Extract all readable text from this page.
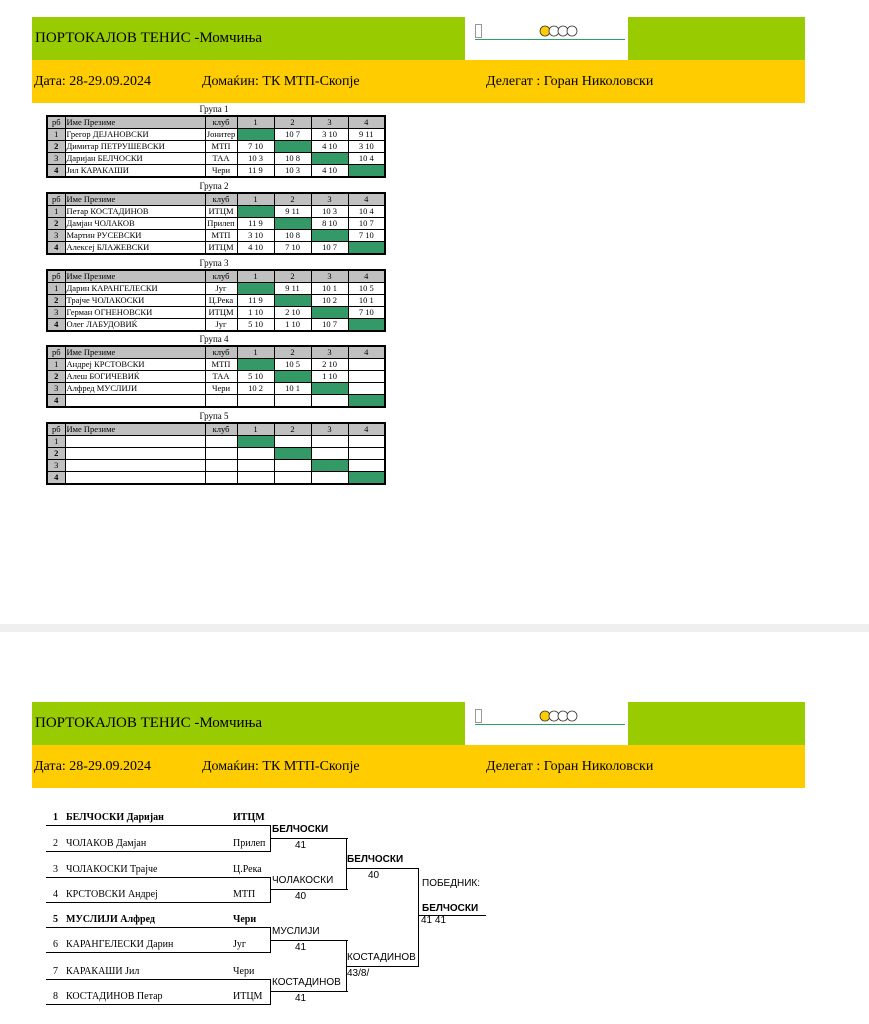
ПОРТОКАЛОВ ТЕНИС -Момчиња
Дата: 28-29.09.2024	Домаќин: ТК МТП-Скопје	Делегат : Горан Николовски
Група 1
рб	Име Презиме	клуб	1	2	3	4
1	Грегор ДЕЈАНОВСКИ	Јонитеp		10 7	3 10	9 11
2	Димитар ПЕТРУШЕВСКИ	МТП	7 10		4 10	3 10
3	Даријан БЕЛЧОСКИ	ТАА	10 3	10 8		10 4
4	Јил КАРАКАШИ	Чери	11 9	10 3	4 10	
Група 2
рб	Име Презиме	клуб	1	2	3	4
1	Петар КОСТАДИНОВ	ИТЦМ		9 11	10 3	10 4
2	Дамјан ЧОЛАКОВ	Прилеп	11 9		8 10	10 7
3	Мартин РУСЕВСКИ	МТП	3 10	10 8		7 10
4	Алексеј БЛАЖЕВСКИ	ИТЦМ	4 10	7 10	10 7	
Група 3
рб	Име Презиме	клуб	1	2	3	4
1	Дарин КАРАНГЕЛЕСКИ	Југ		9 11	10 1	10 5
2	Трајче ЧОЛАКОСКИ	Ц.Река	11 9		10 2	10 1
3	Герман ОГНЕНОВСКИ	ИТЦМ	1 10	2 10		7 10
4	Олег ЛАБУДОВИЌ	Југ	5 10	1 10	10 7	
Група 4
рб	Име Презиме	клуб	1	2	3	4
1	Андреј КРСТОВСКИ	МТП		10 5	2 10	
2	Алеш БОГИЧЕВИЌ	ТАА	5 10		1 10	
3	Алфред МУСЛИЈИ	Чери	10 2	10 1		
4						
Група 5
рб	Име Презиме	клуб	1	2	3	4
1						
2						
3						
4						
ПОРТОКАЛОВ ТЕНИС -Момчиња
Дата: 28-29.09.2024	Домаќин: ТК МТП-Скопје	Делегат : Горан Николовски
1 БЕЛЧОСКИ Даријан	ИТЦМ
2 ЧОЛАКОВ Дамјан	Прилеп
3 ЧОЛАКОСКИ Трајче	Ц.Река
4 КРСТОВСКИ Андреј	МТП
5 МУСЛИЈИ Алфред	Чери
6 КАРАНГЕЛЕСКИ Дарин	Југ
7 КАРАКАШИ Јил	Чери
8 КОСТАДИНОВ Петар	ИТЦМ
БЕЛЧОСКИ
41
ЧОЛАКОСКИ
40
МУСЛИЈИ
41
КОСТАДИНОВ
41
БЕЛЧОСКИ
40
КОСТАДИНОВ
43/8/
ПОБЕДНИК:
БЕЛЧОСКИ
41 41
